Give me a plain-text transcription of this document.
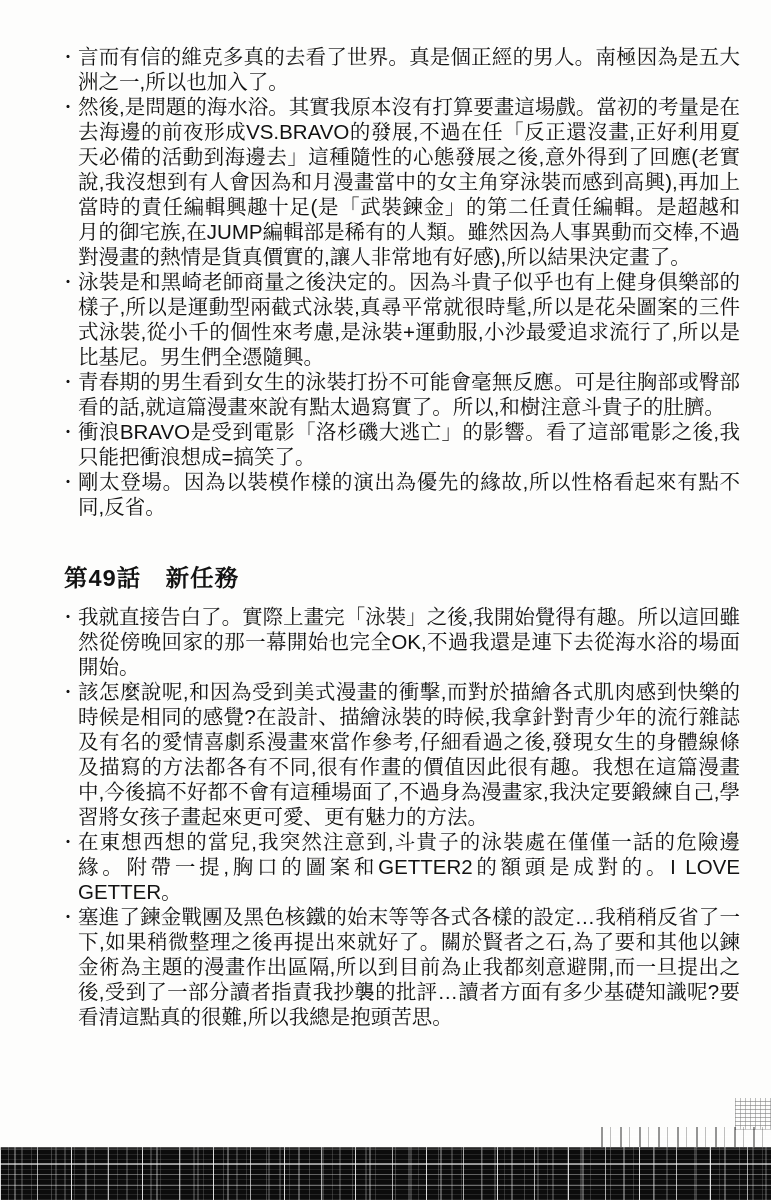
・ 言而有信的維克多真的去看了世界。真是個正經的男人。南極因為是五大洲之一,所以也加入了。
・ 然後,是問題的海水浴。其實我原本沒有打算要畫這場戲。當初的考量是在去海邊的前夜形成VS.BRAVO的發展,不過在任「反正還沒畫,正好利用夏天必備的活動到海邊去」這種隨性的心態發展之後,意外得到了回應(老實說,我沒想到有人會因為和月漫畫當中的女主角穿泳裝而感到高興),再加上當時的責任編輯興趣十足(是「武裝鍊金」的第二任責任編輯。是超越和月的御宅族,在JUMP編輯部是稀有的人類。雖然因為人事異動而交棒,不過對漫畫的熱情是貨真價實的,讓人非常地有好感),所以結果決定畫了。
・ 泳裝是和黑崎老師商量之後決定的。因為斗貴子似乎也有上健身俱樂部的樣子,所以是運動型兩截式泳裝,真尋平常就很時髦,所以是花朵圖案的三件式泳裝,從小千的個性來考慮,是泳裝+運動服,小沙最愛追求流行了,所以是比基尼。男生們全憑隨興。
・ 青春期的男生看到女生的泳裝打扮不可能會毫無反應。可是往胸部或臀部看的話,就這篇漫畫來說有點太過寫實了。所以,和樹注意斗貴子的肚臍。
・ 衝浪BRAVO是受到電影「洛杉磯大逃亡」的影響。看了這部電影之後,我只能把衝浪想成=搞笑了。
・ 剛太登場。因為以裝模作樣的演出為優先的緣故,所以性格看起來有點不同,反省。
第49話　新任務
・ 我就直接告白了。實際上畫完「泳裝」之後,我開始覺得有趣。所以這回雖然從傍晚回家的那一幕開始也完全OK,不過我還是連下去從海水浴的場面開始。
・ 該怎麼說呢,和因為受到美式漫畫的衝擊,而對於描繪各式肌肉感到快樂的時候是相同的感覺?在設計、描繪泳裝的時候,我拿針對青少年的流行雜誌及有名的愛情喜劇系漫畫來當作參考,仔細看過之後,發現女生的身體線條及描寫的方法都各有不同,很有作畫的價值因此很有趣。我想在這篇漫畫中,今後搞不好都不會有這種場面了,不過身為漫畫家,我決定要鍛練自己,學習將女孩子畫起來更可愛、更有魅力的方法。
・ 在東想西想的當兒,我突然注意到,斗貴子的泳裝處在僅僅一話的危險邊緣。附帶一提,胸口的圖案和GETTER2的額頭是成對的。I LOVE GETTER。
・ 塞進了鍊金戰團及黑色核鐵的始末等等各式各樣的設定…我稍稍反省了一下,如果稍微整理之後再提出來就好了。關於賢者之石,為了要和其他以鍊金術為主題的漫畫作出區隔,所以到目前為止我都刻意避開,而一旦提出之後,受到了一部分讀者指責我抄襲的批評…讀者方面有多少基礎知識呢?要看清這點真的很難,所以我總是抱頭苦思。
